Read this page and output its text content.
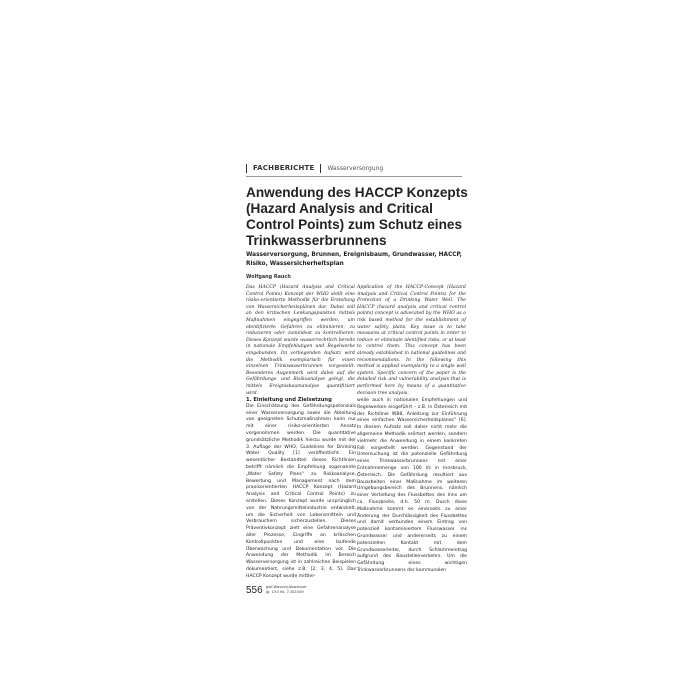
FACHBERICHTE Wasserversorgung
Anwendung des HACCP Konzepts (Hazard Analysis and Critical Control Points) zum Schutz eines Trinkwasserbrunnens
Wasserversorgung, Brunnen, Ereignisbaum, Grundwasser, HACCP, Risiko, Wassersicherheitsplan
Wolfgang Rauch
Das HACCP (Hazard Analysis and Critical Control Points) Konzept der WHO stellt eine risiko-orientierte Methodik für die Erstellung von Wassersicherheitsplänen dar. Dabei soll an den kritischen Lenkungspunkten mittels Maßnahmen eingegriffen werden, um identifizierte Gefahren zu eliminieren, zu reduzieren oder zumindest zu kontrollieren. Dieses Konzept wurde wasserrechtlich bereits in nationale Empfehlungen und Regelwerke eingebunden. Im vorliegenden Aufsatz wird die Methodik exemplarisch für einen einzelnen Trinkwasserbrunnen vorgestellt. Besonderes Augenmerk wird dabei auf die Gefährdungs- und Risikoanalyse gelegt, die mittels Ereignisbaumanalyse quantifiziert wird.
Application of the HACCP-Concept (Hazard Analysis and Critical Control Points) for the Protection of a Drinking Water Well. The HACCP (hazard analysis and critical control points) concept is advocated by the WHO as a risk based method for the establishment of water safety plans. Key issue is to take measures at critical control points in order to reduce or eliminate identified risks, or at least to control them. This concept has been already established in national guidelines and recommendations. In the following this method is applied exemplarily to a single well system. Specific concern of the paper is the detailed risk and vulnerability analysis that is performed here by means of a quantitative decision tree analysis.
1. Einleitung und Zielsetzung
Die Einschätzung des Gefährdungspotenzials einer Wasserversorgung sowie die Ableitung von geeigneten Schutzmaßnahmen kann nur mit einer risiko-orientierten Ansatz vorgenommen werden. Die quantitative grundsätzliche Methodik hierzu wurde mit der 3. Auflage der WHO, Guidelines for Drinking Water Quality [1] veröffentlicht. Ein wesentlicher Bestandteil dieses Richtlinien betrifft nämlich die Empfehlung sogenannte „Water Safety Plans“ zu Risikoanalyse, Bewertung und Management nach dem praxisorientierten HACCP Konzept (Hazard Analysis and Critical Control Points) zu erstellen. Dieses Konzept wurde ursprünglich von der Nahrungsmittelindustrie entwickelt, um die Sicherheit von Lebensmitteln und Verbrauchern sicherzustellen. Dieses Präventivkonzept zielt eine Gefahrenanalyse aller Prozesse, Eingriffe an kritischen Kontrollpunkten und eine laufende Überwachung und Dokumentation vor. Die Anwendung der Methodik im Bereich Wasserversorgung ist in zahlreichen Beispielen dokumentiert, siehe z.B. [2, 3, 4, 5]. Das HACCP Konzept wurde mittler-
weile auch in nationalen Empfehlungen und Regelwerken eingeführt – z.B. in Österreich mit der Richtlinie W88, Anleitung zur Einführung eines einfachen Wassersicherheitsplanes“ [6]. In diesem Aufsatz soll daher nicht mehr die allgemeine Methodik erörtert werden, sondern vielmehr die Anwendung in einem konkreten Fall vorgestellt werden. Gegenstand der Untersuchung ist die potenzielle Gefährdung eines Trinkwasserbrunnens mit einer Entnahmemenge von 100 l/s in Innsbruck, Österreich. Die Gefährdung resultiert aus Bauarbeiten einer Maßnahme im weiteren Umgebungsbereich des Brunnens, nämlich einer Vertiefung des Flussbettes des Inns um ca. Flussbreite, d.h. 50 m. Durch diese Maßnahme kommt es einerseits zu einer Änderung der Durchlässigkeit des Flussbettes und damit verbunden einem Eintrag von potenziell kontaminiertem Flusswasser ins Grundwasser und andererseits zu einem potenziellen Kontakt mit dem Grundwasserleiter, durch Schlammeintrag aufgrund des Baustellenverkehrs. Um die Gefährdung eines wichtigen Trinkwasserbrunnens der kommunalen
556 gwf-Wasser|Abwasser
Jg. 150 Nr. 7-8/2009
